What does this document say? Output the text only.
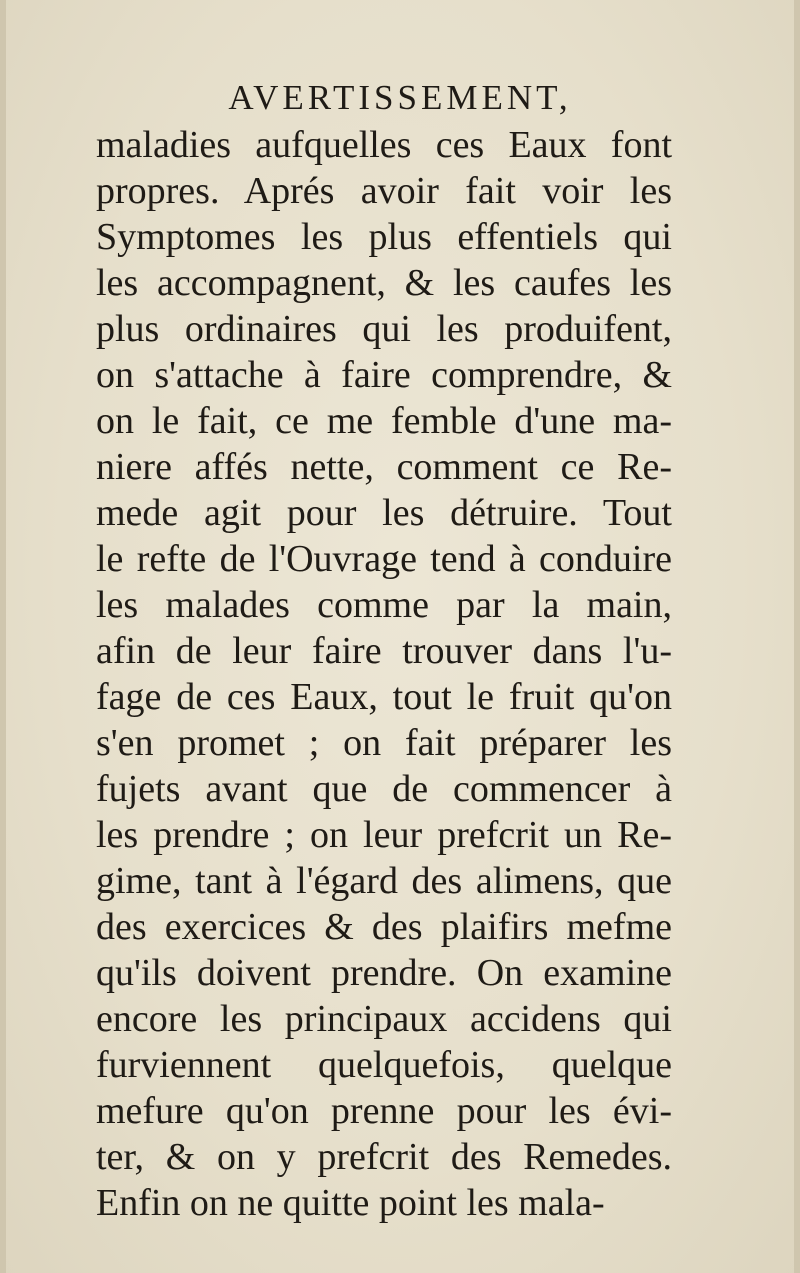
AVERTISSEMENT,
maladies aufquelles ces Eaux font
propres. Aprés avoir fait voir les
Symptomes les plus effentiels qui
les accompagnent, & les caufes les
plus ordinaires qui les produifent,
on s'attache à faire comprendre, &
on le fait, ce me femble d'une ma-
niere affés nette, comment ce Re-
mede agit pour les détruire. Tout
le refte de l'Ouvrage tend à conduire
les malades comme par la main,
afin de leur faire trouver dans l'u-
fage de ces Eaux, tout le fruit qu'on
s'en promet ; on fait préparer les
fujets avant que de commencer à
les prendre ; on leur prefcrit un Re-
gime, tant à l'égard des alimens, que
des exercices & des plaifirs mefme
qu'ils doivent prendre. On examine
encore les principaux accidens qui
furviennent quelquefois, quelque
mefure qu'on prenne pour les évi-
ter, & on y prefcrit des Remedes.
Enfin on ne quitte point les mala-
